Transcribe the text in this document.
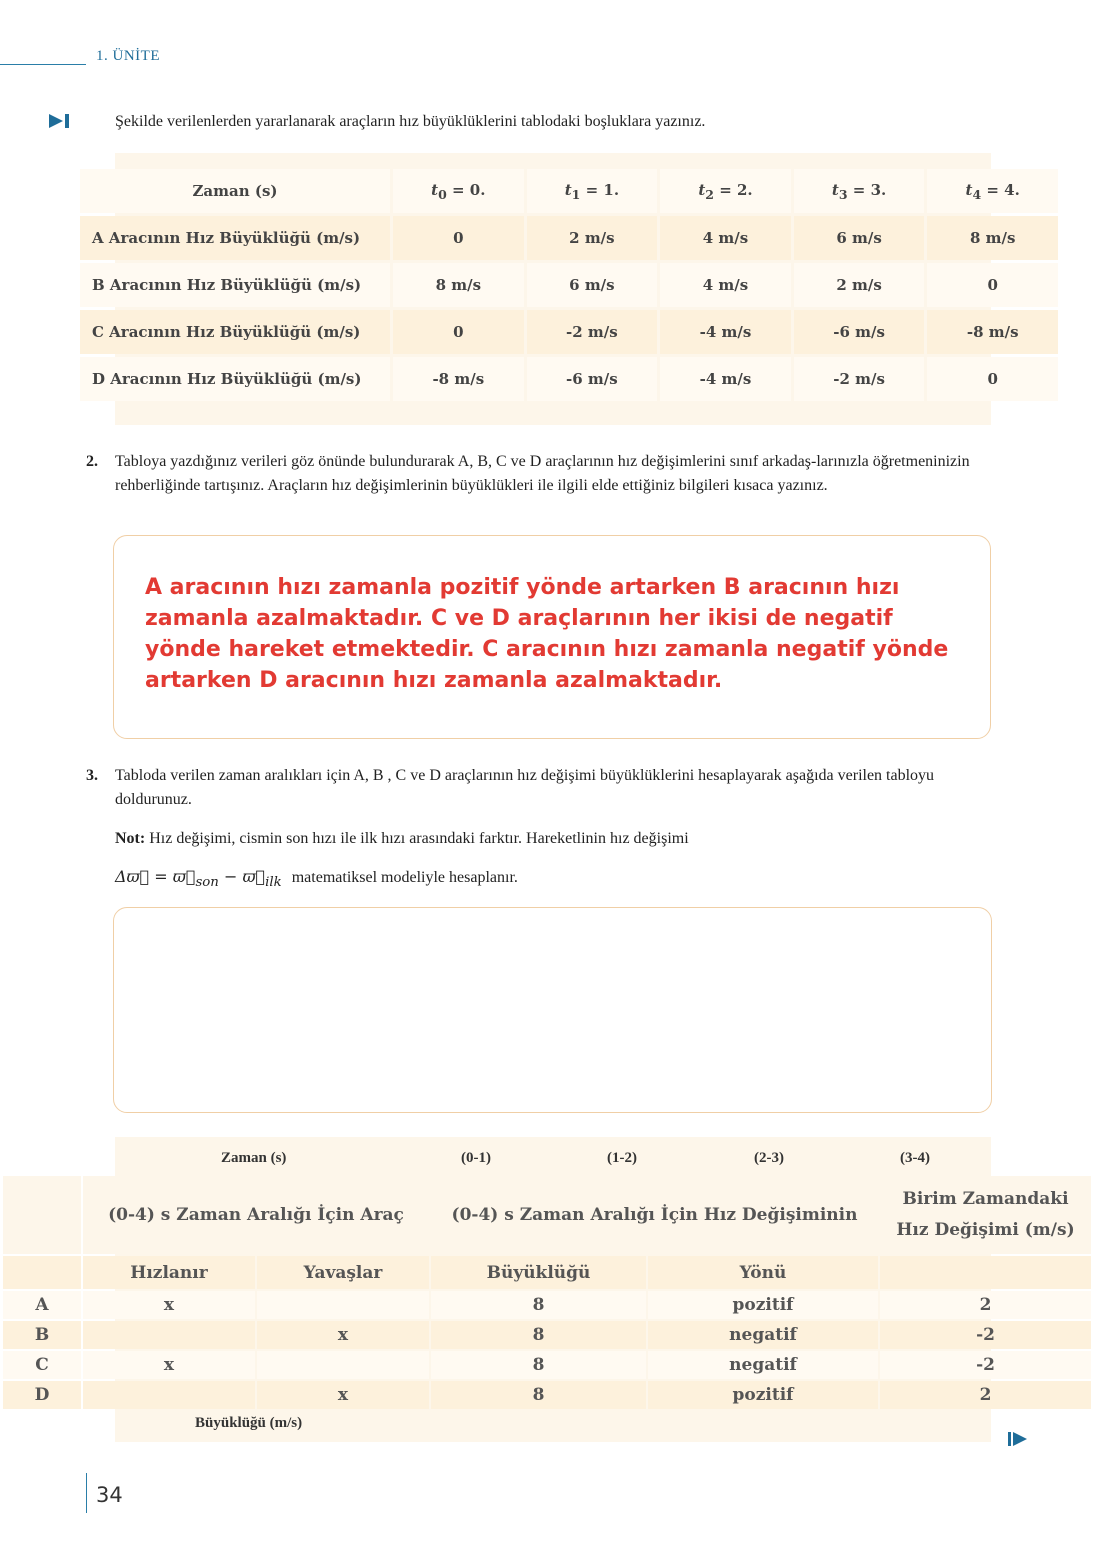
1. ÜNİTE
Şekilde verilenlerden yararlanarak araçların hız büyüklüklerini tablodaki boşluklara yazınız.
Zaman (s)	$t_0 = 0$.	$t_1 = 1$.	$t_2 = 2$.	$t_3 = 3$.	$t_4 = 4$.
A Aracının Hız Büyüklüğü (m/s)	0	2 m/s	4 m/s	6 m/s	8 m/s
B Aracının Hız Büyüklüğü (m/s)	8 m/s	6 m/s	4 m/s	2 m/s	0
C Aracının Hız Büyüklüğü (m/s)	0	-2 m/s	-4 m/s	-6 m/s	-8 m/s
D Aracının Hız Büyüklüğü (m/s)	-8 m/s	-6 m/s	-4 m/s	-2 m/s	0
2. Tabloya yazdığınız verileri göz önünde bulundurarak A, B, C ve D araçlarının hız değişimlerini sınıf arkadaş-larınızla öğretmeninizin rehberliğinde tartışınız. Araçların hız değişimlerinin büyüklükleri ile ilgili elde ettiğiniz bilgileri kısaca yazınız.
A aracının hızı zamanla pozitif yönde artarken B aracının hızı zamanla azalmaktadır. C ve D araçlarının her ikisi de negatif yönde hareket etmektedir. C aracının hızı zamanla negatif yönde artarken D aracının hızı zamanla azalmaktadır.
3. Tabloda verilen zaman aralıkları için A, B , C ve D araçlarının hız değişimi büyüklüklerini hesaplayarak aşağıda verilen tabloyu doldurunuz.
Not: Hız değişimi, cismin son hızı ile ilk hızı arasındaki farktır. Hareketlinin hız değişimi
Δϖ⃗ = $ϖ⃗_{son}$ − $ϖ⃗_{ilk}$ matematiksel modeliyle hesaplanır.
Zaman (s)	(0-1)	(1-2)	(2-3)	(3-4)
Büyüklüğü (m/s)
	(0-4) s Zaman Aralığı İçin Araç		(0-4) s Zaman Aralığı İçin Hız Değişiminin		Birim Zamandaki Hız Değişimi (m/s)
	Hızlanır	Yavaşlar	Büyüklüğü	Yönü	
A	x		8	pozitif	2
B		x	8	negatif	-2
C	x		8	negatif	-2
D		x	8	pozitif	2
34
